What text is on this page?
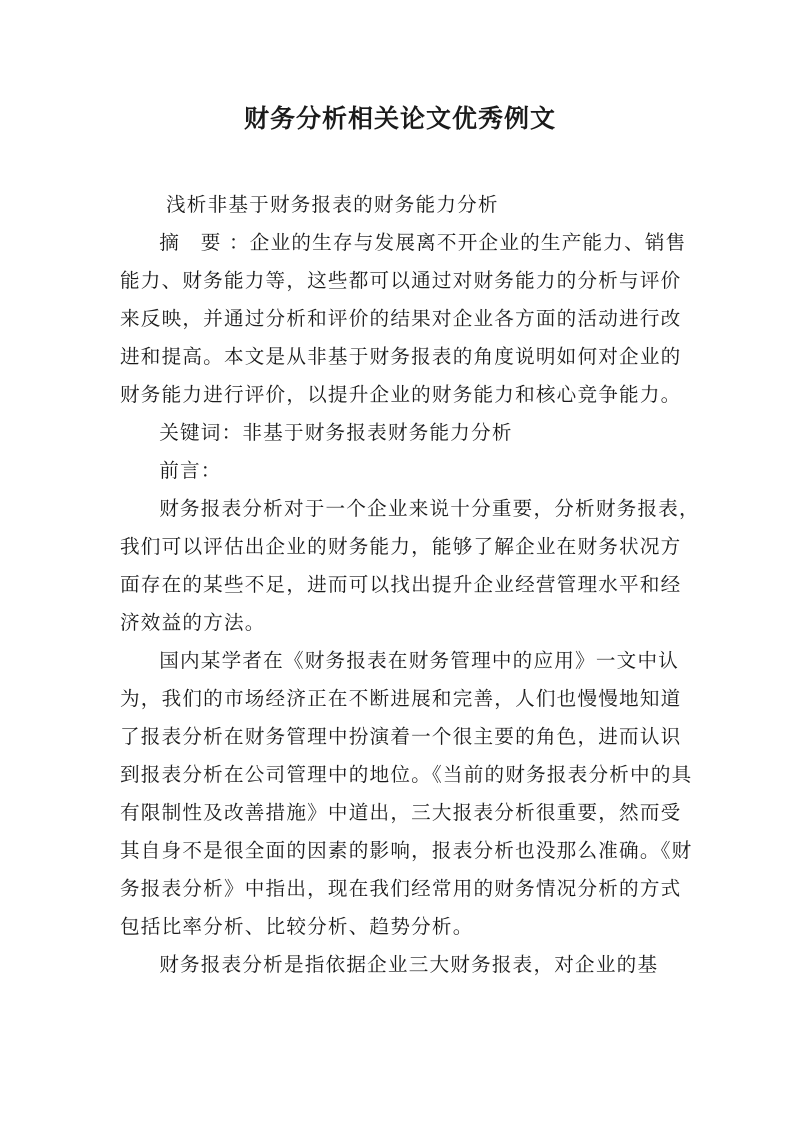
财务分析相关论文优秀例文

浅析非基于财务报表的财务能力分析

摘　要 ：企业的生存与发展离不开企业的生产能力、销售能力、财务能力等，这些都可以通过对财务能力的分析与评价来反映，并通过分析和评价的结果对企业各方面的活动进行改进和提高。本文是从非基于财务报表的角度说明如何对企业的财务能力进行评价，以提升企业的财务能力和核心竞争能力。

关键词：非基于财务报表财务能力分析

前言：

财务报表分析对于一个企业来说十分重要，分析财务报表，我们可以评估出企业的财务能力，能够了解企业在财务状况方面存在的某些不足，进而可以找出提升企业经营管理水平和经济效益的方法。

国内某学者在《财务报表在财务管理中的应用》一文中认为，我们的市场经济正在不断进展和完善，人们也慢慢地知道了报表分析在财务管理中扮演着一个很主要的角色，进而认识到报表分析在公司管理中的地位。《当前的财务报表分析中的具有限制性及改善措施》中道出，三大报表分析很重要，然而受其自身不是很全面的因素的影响，报表分析也没那么准确。《财务报表分析》中指出，现在我们经常用的财务情况分析的方式包括比率分析、比较分析、趋势分析。

财务报表分析是指依据企业三大财务报表，对企业的基
